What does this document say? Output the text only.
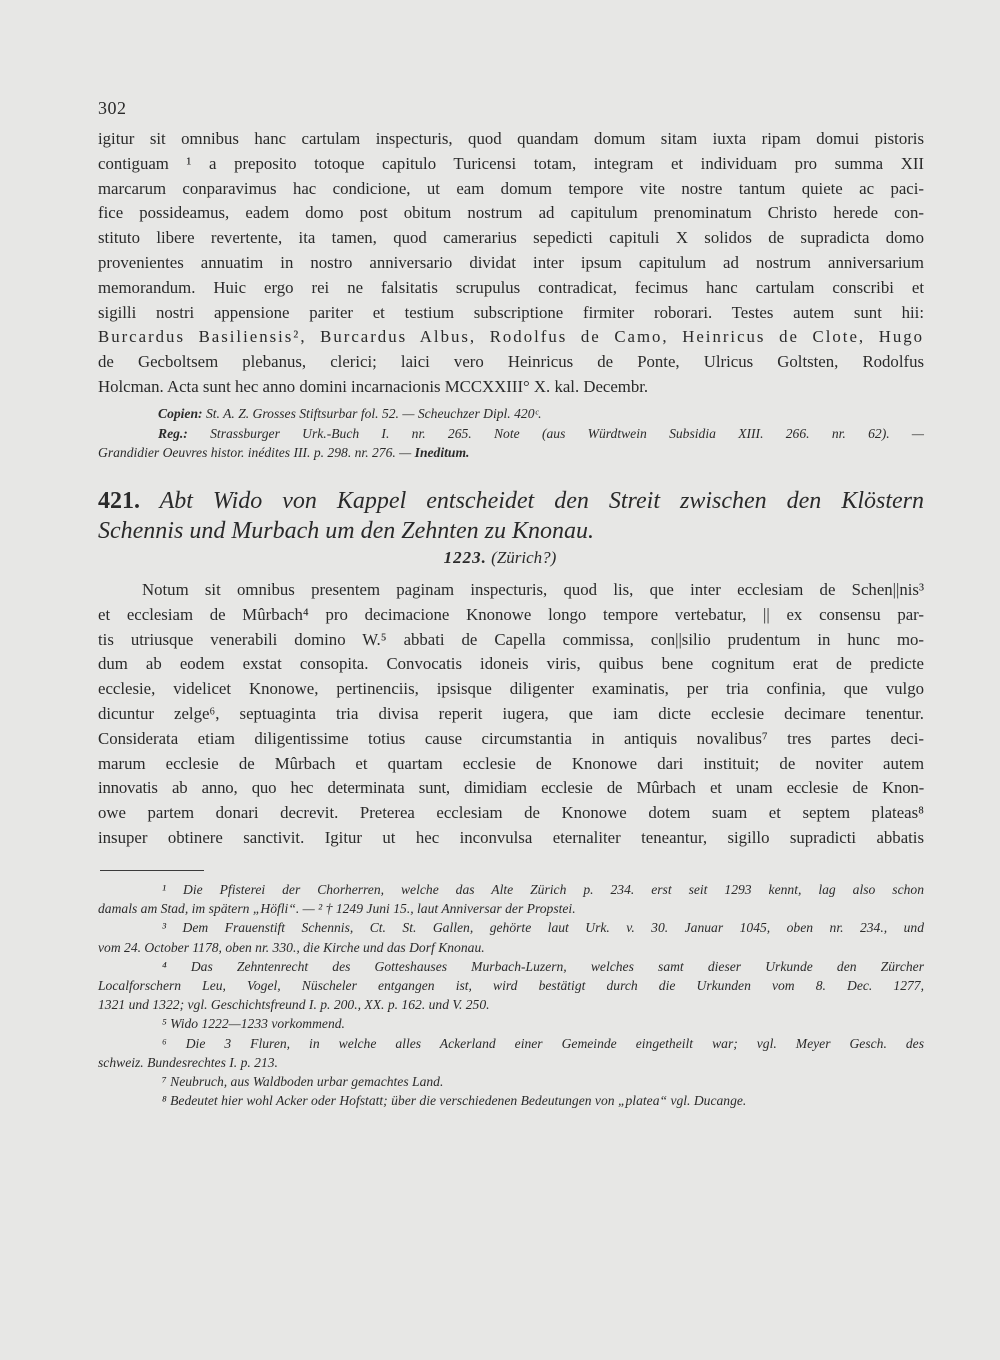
302
igitur sit omnibus hanc cartulam inspecturis, quod quandam domum sitam iuxta ripam domui pistoris
contiguam ¹ a preposito totoque capitulo Turicensi totam, integram et individuam pro summa XII
marcarum conparavimus hac condicione, ut eam domum tempore vite nostre tantum quiete ac paci-
fice possideamus, eadem domo post obitum nostrum ad capitulum prenominatum Christo herede con-
stituto libere revertente, ita tamen, quod camerarius sepedicti capituli X solidos de supradicta domo
provenientes annuatim in nostro anniversario dividat inter ipsum capitulum ad nostrum anniversarium
memorandum. Huic ergo rei ne falsitatis scrupulus contradicat, fecimus hanc cartulam conscribi et
sigilli nostri appensione pariter et testium subscriptione firmiter roborari. Testes autem sunt hii:
Burcardus Basiliensis², Burcardus Albus, Rodolfus de Camo, Heinricus de Clote, Hugo
de Gecboltsem plebanus, clerici; laici vero Heinricus de Ponte, Ulricus Goltsten, Rodolfus
Holcman. Acta sunt hec anno domini incarnacionis MCCXXIII° X. kal. Decembr.
Copien: St. A. Z. Grosses Stiftsurbar fol. 52. — Scheuchzer Dipl. 420ᶜ.
Reg.: Strassburger Urk.-Buch I. nr. 265. Note (aus Würdtwein Subsidia XIII. 266. nr. 62). —
Grandidier Oeuvres histor. inédites III. p. 298. nr. 276. — Ineditum.
421. Abt Wido von Kappel entscheidet den Streit zwischen den Klöstern
Schennis und Murbach um den Zehnten zu Knonau.
1223. (Zürich?)
Notum sit omnibus presentem paginam inspecturis, quod lis, que inter ecclesiam de Schen||nis³
et ecclesiam de Mûrbach⁴ pro decimacione Knonowe longo tempore vertebatur, || ex consensu par-
tis utriusque venerabili domino W.⁵ abbati de Capella commissa, con||silio prudentum in hunc mo-
dum ab eodem exstat consopita. Convocatis idoneis viris, quibus bene cognitum erat de predicte
ecclesie, videlicet Knonowe, pertinenciis, ipsisque diligenter examinatis, per tria confinia, que vulgo
dicuntur zelge⁶, septuaginta tria divisa reperit iugera, que iam dicte ecclesie decimare tenentur.
Considerata etiam diligentissime totius cause circumstantia in antiquis novalibus⁷ tres partes deci-
marum ecclesie de Mûrbach et quartam ecclesie de Knonowe dari instituit; de noviter autem
innovatis ab anno, quo hec determinata sunt, dimidiam ecclesie de Mûrbach et unam ecclesie de Knon-
owe partem donari decrevit. Preterea ecclesiam de Knonowe dotem suam et septem plateas⁸
insuper obtinere sanctivit. Igitur ut hec inconvulsa eternaliter teneantur, sigillo supradicti abbatis
¹ Die Pfisterei der Chorherren, welche das Alte Zürich p. 234. erst seit 1293 kennt, lag also schon
damals am Stad, im spätern „Höfli“. — ² † 1249 Juni 15., laut Anniversar der Propstei.
³ Dem Frauenstift Schennis, Ct. St. Gallen, gehörte laut Urk. v. 30. Januar 1045, oben nr. 234., und
vom 24. October 1178, oben nr. 330., die Kirche und das Dorf Knonau.
⁴ Das Zehntenrecht des Gotteshauses Murbach-Luzern, welches samt dieser Urkunde den Zürcher
Localforschern Leu, Vogel, Nüscheler entgangen ist, wird bestätigt durch die Urkunden vom 8. Dec. 1277,
1321 und 1322; vgl. Geschichtsfreund I. p. 200., XX. p. 162. und V. 250.
⁵ Wido 1222—1233 vorkommend.
⁶ Die 3 Fluren, in welche alles Ackerland einer Gemeinde eingetheilt war; vgl. Meyer Gesch. des
schweiz. Bundesrechtes I. p. 213.
⁷ Neubruch, aus Waldboden urbar gemachtes Land.
⁸ Bedeutet hier wohl Acker oder Hofstatt; über die verschiedenen Bedeutungen von „platea“ vgl. Ducange.
